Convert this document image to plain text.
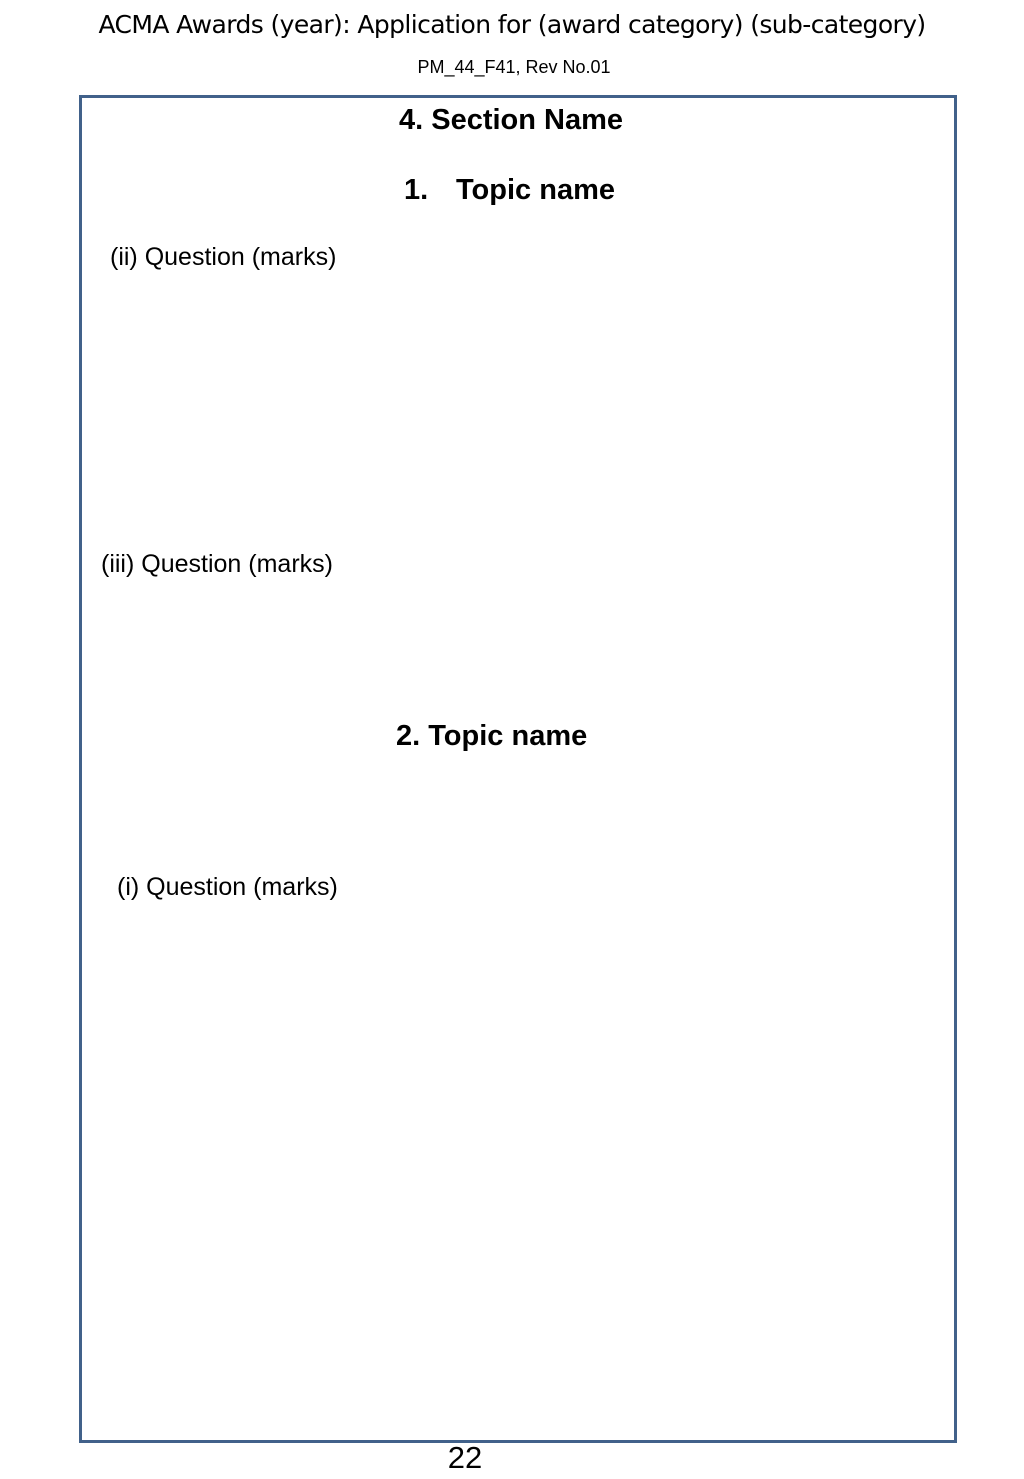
ACMA Awards (year): Application for (award category) (sub-category)
PM_44_F41, Rev No.01
4. Section Name
1. Topic name
(ii) Question (marks)
(iii) Question (marks)
2. Topic name
(i) Question (marks)
22
